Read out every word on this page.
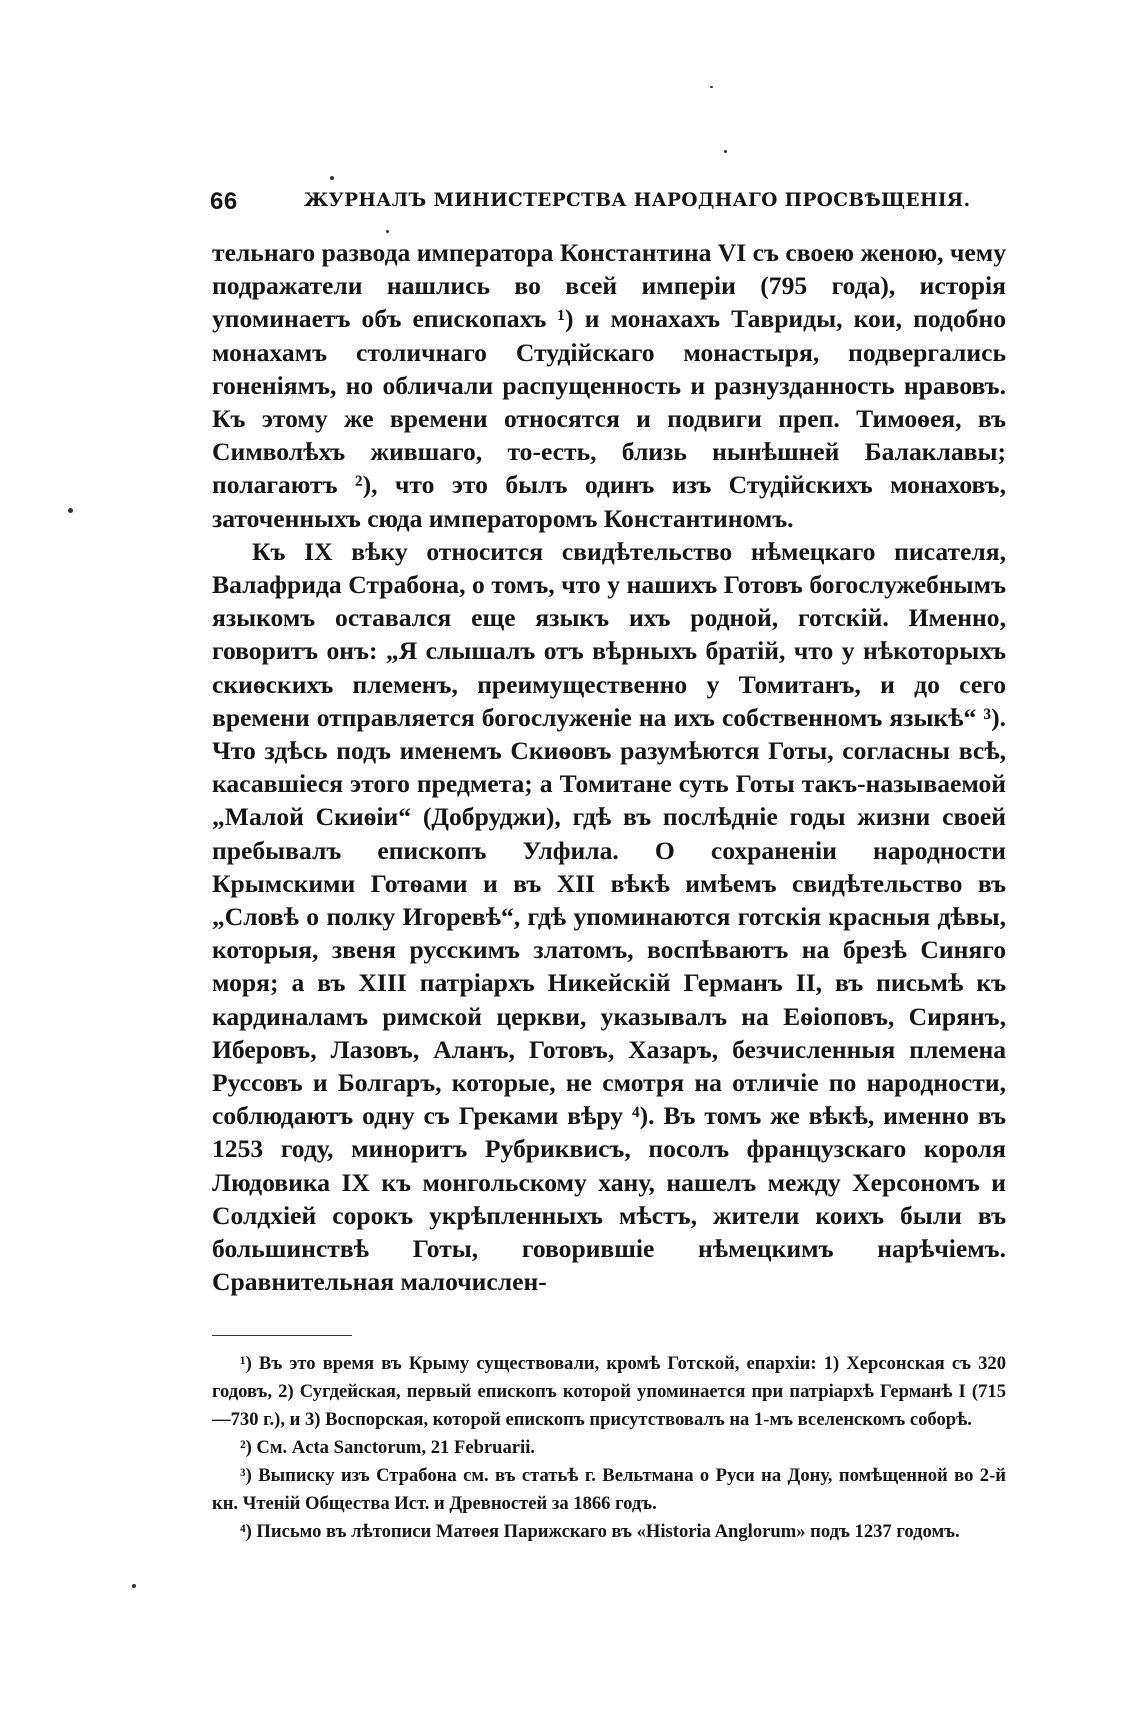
66	ЖУРНАЛЪ МИНИСТЕРСТВА НАРОДНАГО ПРОСВѢЩЕНІЯ.

тельнаго развода императора Константина VI съ своею женою, чему подражатели нашлись во всей имперіи (795 года), исторія упоминаетъ объ епископахъ ¹) и монахахъ Тавриды, кои, подобно монахамъ столичнаго Студійскаго монастыря, подвергались гоненіямъ, но обличали распущенность и разнузданность нравовъ. Къ этому же времени относятся и подвиги преп. Тимоѳея, въ Символѣхъ жившаго, то-есть, близь нынѣшней Балаклавы; полагаютъ ²), что это былъ одинъ изъ Студійскихъ монаховъ, заточенныхъ сюда императоромъ Константиномъ.

Къ IX вѣку относится свидѣтельство нѣмецкаго писателя, Валафрида Страбона, о томъ, что у нашихъ Готовъ богослужебнымъ языкомъ оставался еще языкъ ихъ родной, готскій. Именно, говоритъ онъ: „Я слышалъ отъ вѣрныхъ братій, что у нѣкоторыхъ скиѳскихъ племенъ, преимущественно у Томитанъ, и до сего времени отправляется богослуженіе на ихъ собственномъ языкѣ“ ³). Что здѣсь подъ именемъ Скиѳовъ разумѣются Готы, согласны всѣ, касавшіеся этого предмета; а Томитане суть Готы такъ-называемой „Малой Скиѳіи“ (Добруджи), гдѣ въ послѣдніе годы жизни своей пребывалъ епископъ Улфила. О сохраненіи народности Крымскими Готѳами и въ XII вѣкѣ имѣемъ свидѣтельство въ „Словѣ о полку Игоревѣ“, гдѣ упоминаются готскія красныя дѣвы, которыя, звеня русскимъ златомъ, воспѣваютъ на брезѣ Синяго моря; а въ XIII патріархъ Никейскій Германъ II, въ письмѣ къ кардиналамъ римской церкви, указывалъ на Еѳіоповъ, Сирянъ, Иберовъ, Лазовъ, Аланъ, Готовъ, Хазаръ, безчисленныя племена Руссовъ и Болгаръ, которые, не смотря на отличіе по народности, соблюдаютъ одну съ Греками вѣру ⁴). Въ томъ же вѣкѣ, именно въ 1253 году, миноритъ Рубриквисъ, посолъ французскаго короля Людовика IX къ монгольскому хану, нашелъ между Херсономъ и Солдхіей сорокъ укрѣпленныхъ мѣстъ, жители коихъ были въ большинствѣ Готы, говорившіе нѣмецкимъ нарѣчіемъ. Сравнительная малочислен-

¹) Въ это время въ Крыму существовали, кромѣ Готской, епархіи: 1) Херсонская съ 320 годовъ, 2) Сугдейская, первый епископъ которой упоминается при патріархѣ Германѣ I (715—730 г.), и 3) Воспорская, которой епископъ присутствовалъ на 1-мъ вселенскомъ соборѣ.

²) См. Acta Sanctorum, 21 Februarii.

³) Выписку изъ Страбона см. въ статьѣ г. Вельтмана о Руси на Дону, помѣщенной во 2-й кн. Чтеній Общества Ист. и Древностей за 1866 годъ.

⁴) Письмо въ лѣтописи Матѳея Парижскаго въ «Historia Anglorum» подъ 1237 годомъ.
